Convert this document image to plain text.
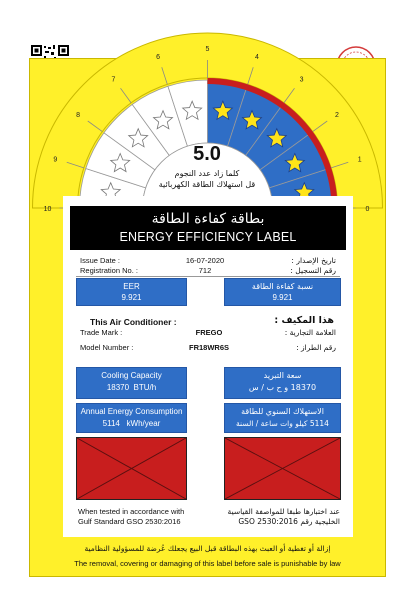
10
9
8
7
6
5
4
3
2
1
0
5.0
كلما زاد عدد النجوم
قل استهلاك الطاقة الكهربائية
بطاقة كفاءة الطاقة
ENERGY EFFICIENCY LABEL
Issue Date :	16-07-2020	تاريخ الإصدار :
Registration No. :	712	رقم التسجيل :
EER
9.921
نسبة كفاءة الطاقة
9.921
This Air Conditioner :	هذا المكيف :
Trade Mark :	FREGO	العلامة التجارية :
Model Number :	FR18WR6S	رقم الطراز :
Cooling Capacity
18370 BTU/h
سعة التبريد
18370 و ح ب / س
Annual Energy Consumption
5114 kWh/year
الاستهلاك السنوي للطاقة
5114 كيلو وات ساعة / السنة
When tested in accordance with
Gulf Standard GSO 2530:2016
عند اختبارها طبقا للمواصفة القياسية
الخليجية رقم GSO 2530:2016
إزالة أو تغطية أو العبث بهذه البطاقة قبل البيع يجعلك عُرضة للمسؤولية النظامية
The removal, covering or damaging of this label before sale is punishable by law
